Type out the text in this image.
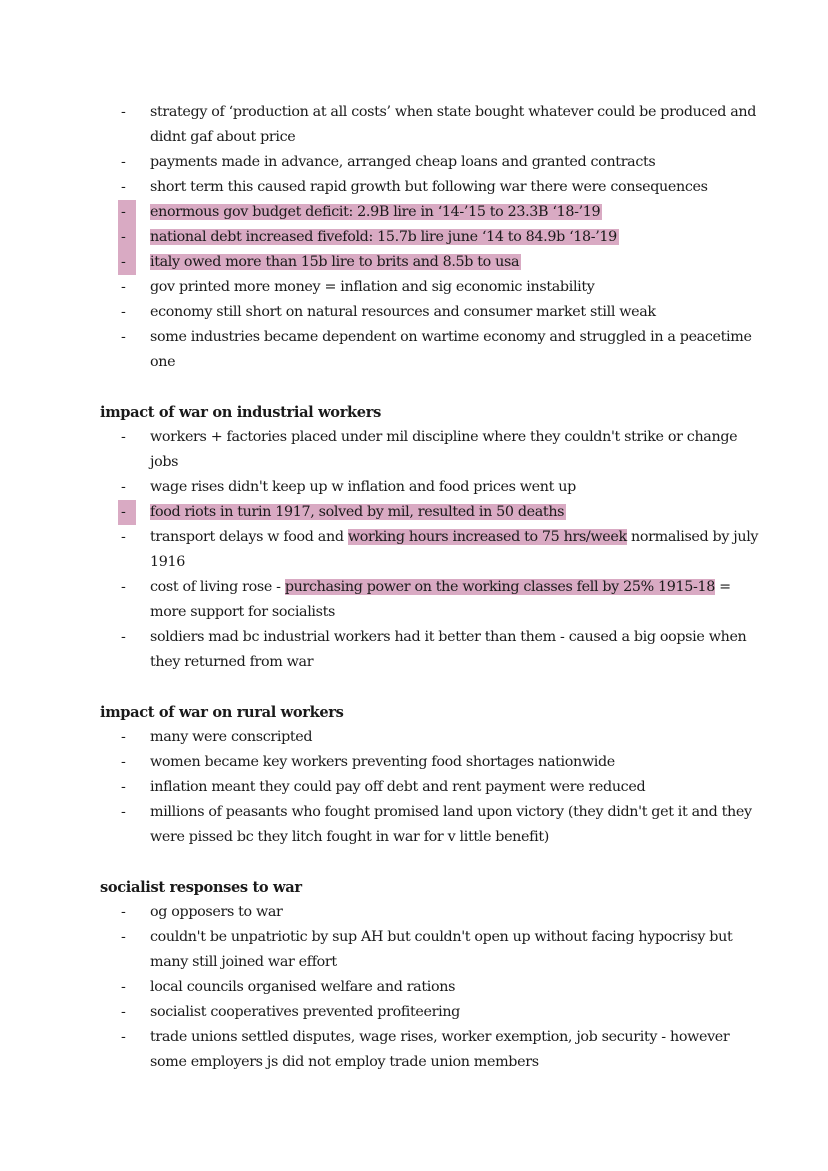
-	strategy of ‘production at all costs’ when state bought whatever could be produced and didnt gaf about price
-	payments made in advance, arranged cheap loans and granted contracts
-	short term this caused rapid growth but following war there were consequences
-	enormous gov budget deficit: 2.9B lire in ‘14-’15 to 23.3B ‘18-’19
-	national debt increased fivefold: 15.7b lire june ‘14 to 84.9b ‘18-’19
-	italy owed more than 15b lire to brits and 8.5b to usa
-	gov printed more money = inflation and sig economic instability
-	economy still short on natural resources and consumer market still weak
-	some industries became dependent on wartime economy and struggled in a peacetime one
impact of war on industrial workers
-	workers + factories placed under mil discipline where they couldn't strike or change jobs
-	wage rises didn't keep up w inflation and food prices went up
-	food riots in turin 1917, solved by mil, resulted in 50 deaths
-	transport delays w food and working hours increased to 75 hrs/week normalised by july 1916
-	cost of living rose - purchasing power on the working classes fell by 25% 1915-18 = more support for socialists
-	soldiers mad bc industrial workers had it better than them - caused a big oopsie when they returned from war
impact of war on rural workers
-	many were conscripted
-	women became key workers preventing food shortages nationwide
-	inflation meant they could pay off debt and rent payment were reduced
-	millions of peasants who fought promised land upon victory (they didn't get it and they were pissed bc they litch fought in war for v little benefit)
socialist responses to war
-	og opposers to war
-	couldn't be unpatriotic by sup AH but couldn't open up without facing hypocrisy but many still joined war effort
-	local councils organised welfare and rations
-	socialist cooperatives prevented profiteering
-	trade unions settled disputes, wage rises, worker exemption, job security - however some employers js did not employ trade union members
